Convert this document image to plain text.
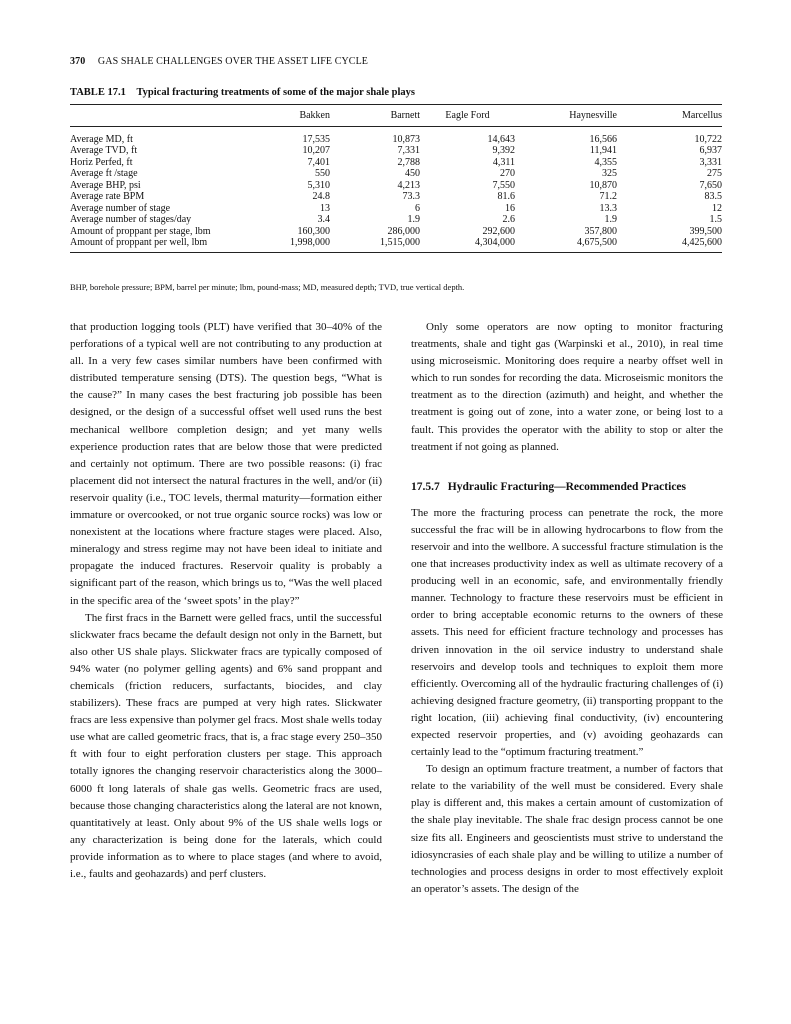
370 GAS SHALE CHALLENGES OVER THE ASSET LIFE CYCLE
TABLE 17.1 Typical fracturing treatments of some of the major shale plays
	Bakken	Barnett	Eagle Ford	Haynesville	Marcellus
Average MD, ft	17,535	10,873	14,643	16,566	10,722
Average TVD, ft	10,207	7,331	9,392	11,941	6,937
Horiz Perfed, ft	7,401	2,788	4,311	4,355	3,331
Average ft /stage	550	450	270	325	275
Average BHP, psi	5,310	4,213	7,550	10,870	7,650
Average rate BPM	24.8	73.3	81.6	71.2	83.5
Average number of stage	13	6	16	13.3	12
Average number of stages/day	3.4	1.9	2.6	1.9	1.5
Amount of proppant per stage, lbm	160,300	286,000	292,600	357,800	399,500
Amount of proppant per well, lbm	1,998,000	1,515,000	4,304,000	4,675,500	4,425,600
BHP, borehole pressure; BPM, barrel per minute; lbm, pound-mass; MD, measured depth; TVD, true vertical depth.

that production logging tools (PLT) have verified that 30–40% of the perforations of a typical well are not contributing to any production at all. In a very few cases similar numbers have been confirmed with distributed temperature sensing (DTS). The question begs, “What is the cause?” In many cases the best fracturing job possible has been designed, or the design of a successful offset well used runs the best mechanical wellbore completion design; and yet many wells experience production rates that are below those that were predicted and certainly not optimum. There are two possible reasons: (i) frac placement did not intersect the natural fractures in the well, and/or (ii) reservoir quality (i.e., TOC levels, thermal maturity—formation either immature or overcooked, or not true organic source rocks) was low or nonexistent at the locations where fracture stages were placed. Also, mineralogy and stress regime may not have been ideal to initiate and propagate the induced fractures. Reservoir quality is probably a significant part of the reason, which brings us to, “Was the well placed in the specific area of the ‘sweet spots’ in the play?”

The first fracs in the Barnett were gelled fracs, until the successful slickwater fracs became the default design not only in the Barnett, but also other US shale plays. Slickwater fracs are typically composed of 94% water (no polymer gelling agents) and 6% sand proppant and chemicals (friction reducers, surfactants, biocides, and clay stabilizers). These fracs are pumped at very high rates. Slickwater fracs are less expensive than polymer gel fracs. Most shale wells today use what are called geometric fracs, that is, a frac stage every 250–350 ft with four to eight perforation clusters per stage. This approach totally ignores the changing reservoir characteristics along the 3000–6000 ft long laterals of shale gas wells. Geometric fracs are used, because those changing characteristics along the lateral are not known, quantitatively at least. Only about 9% of the US shale wells logs or any characterization is being done for the laterals, which could provide information as to where to place stages (and where to avoid, i.e., faults and geohazards) and perf clusters.

Only some operators are now opting to monitor fracturing treatments, shale and tight gas (Warpinski et al., 2010), in real time using microseismic. Monitoring does require a nearby offset well in which to run sondes for recording the data. Microseismic monitors the treatment as to the direction (azimuth) and height, and whether the treatment is going out of zone, into a water zone, or being lost to a fault. This provides the operator with the ability to stop or alter the treatment if not going as planned.

17.5.7 Hydraulic Fracturing—Recommended Practices

The more the fracturing process can penetrate the rock, the more successful the frac will be in allowing hydrocarbons to flow from the reservoir and into the wellbore. A successful fracture stimulation is the one that increases productivity index as well as ultimate recovery of a producing well in an economic, safe, and environmentally friendly manner. Technology to fracture these reservoirs must be efficient in order to bring acceptable economic returns to the owners of these assets. This need for efficient fracture technology and processes has driven innovation in the oil service industry to understand shale reservoirs and develop tools and techniques to exploit them more efficiently. Overcoming all of the hydraulic fracturing challenges of (i) achieving designed fracture geometry, (ii) transporting proppant to the right location, (iii) achieving final conductivity, (iv) encountering expected reservoir properties, and (v) avoiding geohazards can certainly lead to the “optimum fracturing treatment.”

To design an optimum fracture treatment, a number of factors that relate to the variability of the well must be considered. Every shale play is different and, this makes a certain amount of customization of the shale play inevitable. The shale frac design process cannot be one size fits all. Engineers and geoscientists must strive to understand the idiosyncrasies of each shale play and be willing to utilize a number of technologies and process designs in order to most effectively exploit an operator’s assets. The design of the
